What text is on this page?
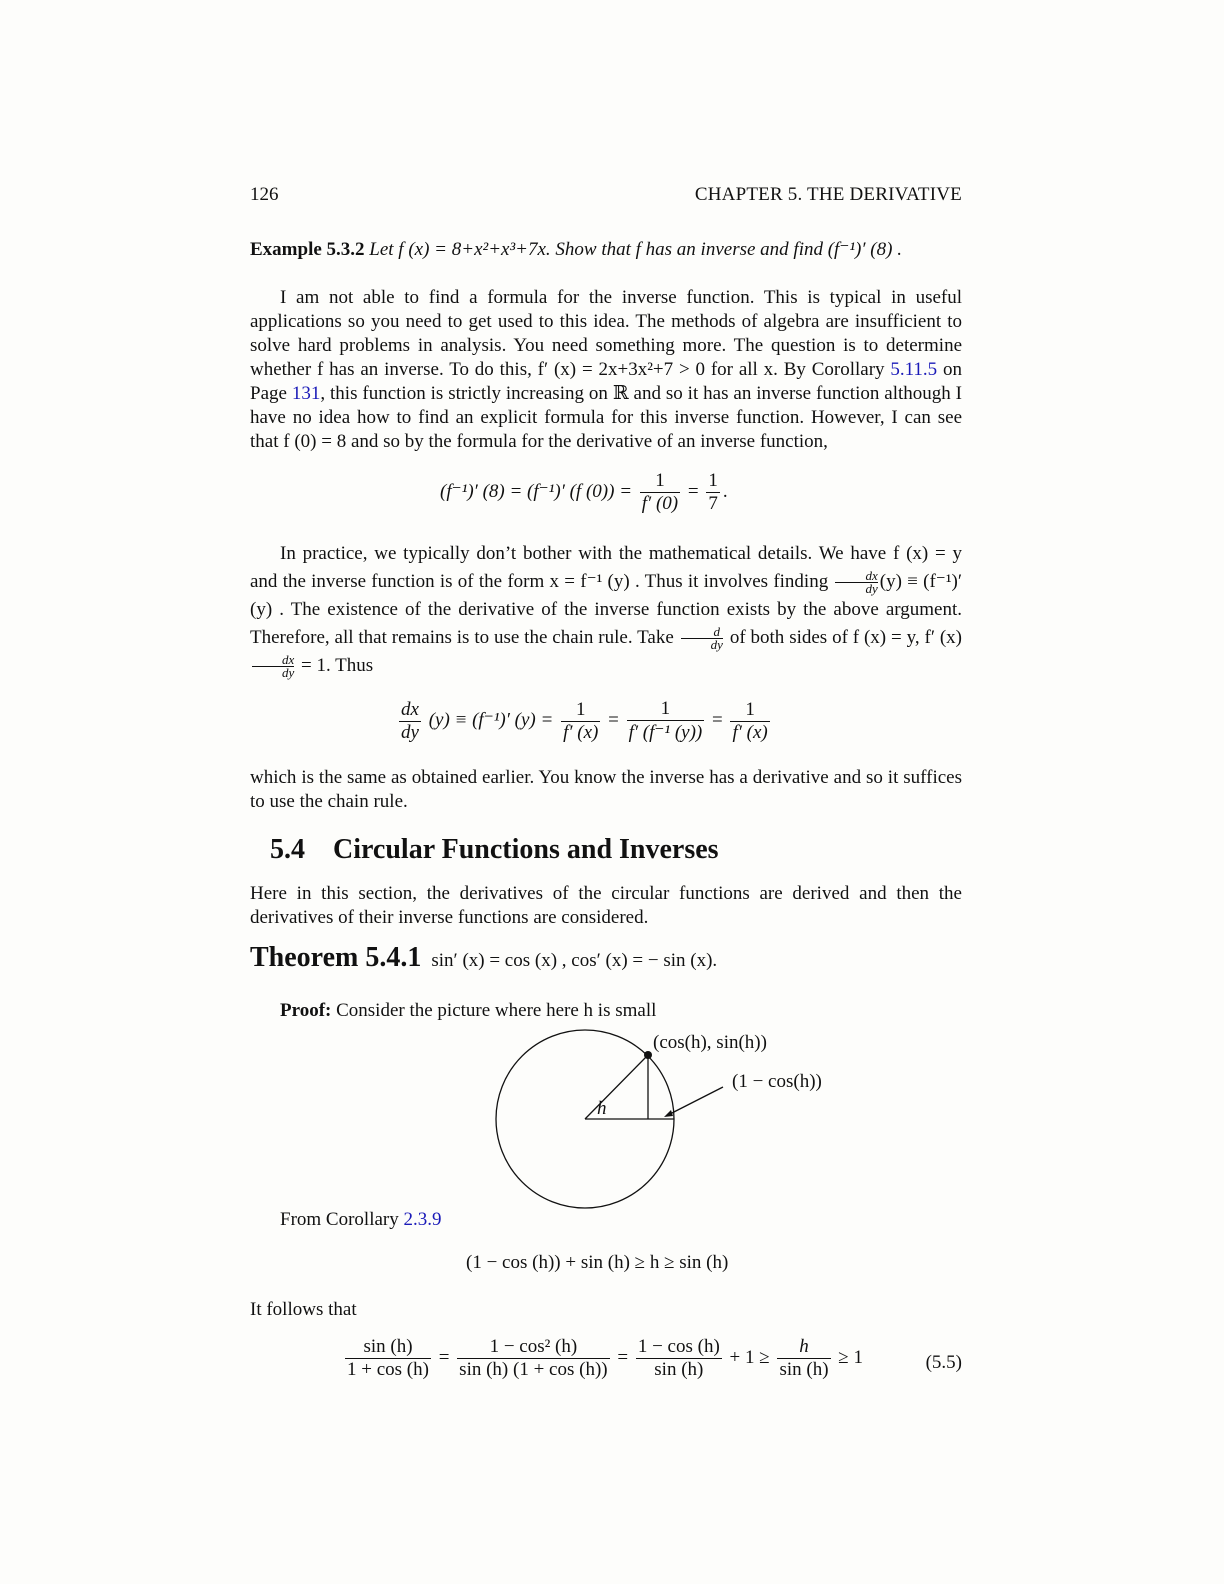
126	CHAPTER 5. THE DERIVATIVE
Example 5.3.2 Let f (x) = 8+x²+x³+7x. Show that f has an inverse and find (f⁻¹)′ (8) .
I am not able to find a formula for the inverse function. This is typical in useful applications so you need to get used to this idea. The methods of algebra are insufficient to solve hard problems in analysis. You need something more. The question is to determine whether f has an inverse. To do this, f′ (x) = 2x+3x²+7 > 0 for all x. By Corollary 5.11.5 on Page 131, this function is strictly increasing on ℝ and so it has an inverse function although I have no idea how to find an explicit formula for this inverse function. However, I can see that f (0) = 8 and so by the formula for the derivative of an inverse function,
(f⁻¹)′ (8) = (f⁻¹)′ (f $(0)) = \frac{1}{f' (0)} = \frac{1}{7}$ .
In practice, we typically don’t bother with the mathematical details. We have f (x) = y and the inverse function is of the form x = f⁻¹ (y) . Thus it involves finding $\frac{dx}{dy} (y) \equiv (f^{-1})'$ (y) . The existence of the derivative of the inverse function exists by the above argument. Therefore, all that remains is to use the chain rule. Take $\frac{d}{dy}$ of both sides of f (x) = y, f′ (x)
$\frac{dx}{dy} = 1$. Thus
$\frac{dx}{dy} (y) \equiv (f^{-1})'$ $(y) = \frac{1}{f' (x)} = \frac{1}{\text{f′ (f⁻¹ (y))}} = \frac{1}{f' (x)}$
which is the same as obtained earlier. You know the inverse has a derivative and so it suffices to use the chain rule.
5.4 Circular Functions and Inverses
Here in this section, the derivatives of the circular functions are derived and then the derivatives of their inverse functions are considered.
Theorem 5.4.1 sin′ (x) = cos (x) , cos′ (x) = − sin (x).
Proof: Consider the picture where here h is small
(cos(h), sin(h))
(1 − cos(h))
h
From Corollary 2.3.9
(1 − cos (h)) + sin (h) ≥ h ≥ sin (h)
It follows that
$\frac{\sin (h)}{1 + \cos (h)} = \frac{\text{1 − cos² (h)}}{\sin (h) (1 + \cos (h))} = \frac{1 - \cos (h)}{\sin (h)} + 1 \ge \frac{h}{\sin (h)} \ge 1$	(5.5)
